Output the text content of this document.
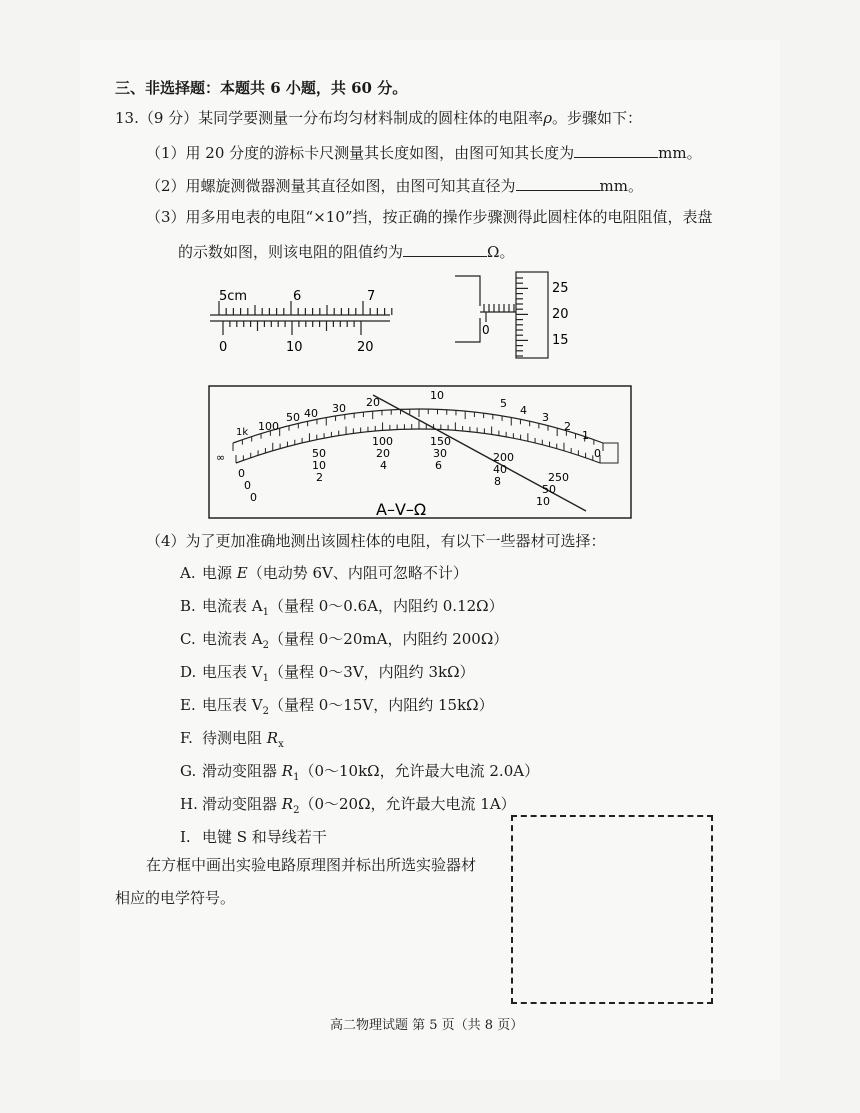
三、非选择题：本题共 6 小题，共 60 分。
13.（9 分）某同学要测量一分布均匀材料制成的圆柱体的电阻率ρ。步骤如下：
（1）用 20 分度的游标卡尺测量其长度如图，由图可知其长度为	mm。
（2）用螺旋测微器测量其直径如图，由图可知其直径为	mm。
（3）用多用电表的电阻“×10”挡，按正确的操作步骤测得此圆柱体的电阻阻值，表盘
的示数如图，则该电阻的阻值约为	Ω。
5cm	6	7
0	10	20
0
25
20
15
∞
1k 100
50 40 30 20
10
5
4
3
2
1
0
50
10
2
100
20
4
150
30
6
200
40
8	250
50
10
0
0
0
A–V–Ω
（4）为了更加准确地测出该圆柱体的电阻，有以下一些器材可选择：
A. 电源 E（电动势 6V、内阻可忽略不计）
B. 电流表 $A_1$（量程 0～0.6A，内阻约 0.12Ω）
C. 电流表 $A_2$（量程 0～20mA，内阻约 200Ω）
D. 电压表 $V_1$（量程 0～3V，内阻约 3kΩ）
E. 电压表 $V_2$（量程 0～15V，内阻约 15kΩ）
F. 待测电阻 $R_x$
G. 滑动变阻器 $R_1(0\sim 10k\Omega$，允许最大电流 2.0A）
H. 滑动变阻器 $R_2(0\sim 20\Omega$，允许最大电流 1A）
I. 电键 S 和导线若干
在方框中画出实验电路原理图并标出所选实验器材
相应的电学符号。
高二物理试题 第 5 页（共 8 页）
